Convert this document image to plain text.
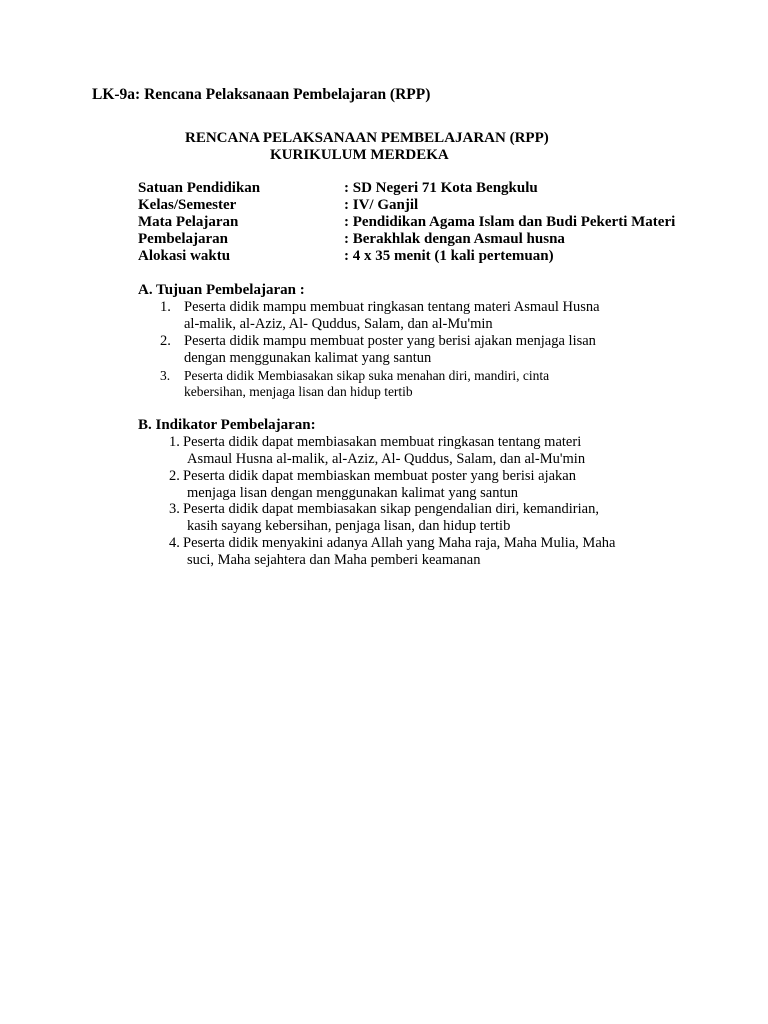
LK-9a: Rencana Pelaksanaan Pembelajaran (RPP)
RENCANA PELAKSANAAN PEMBELAJARAN (RPP)
KURIKULUM MERDEKA
Satuan Pendidikan	: SD Negeri 71 Kota Bengkulu
Kelas/Semester	: IV/ Ganjil
Mata Pelajaran	: Pendidikan Agama Islam dan Budi Pekerti Materi
Pembelajaran	: Berakhlak dengan Asmaul husna
Alokasi waktu	: 4 x 35 menit (1 kali pertemuan)
A. Tujuan Pembelajaran :
1. Peserta didik mampu membuat ringkasan tentang materi Asmaul Husna
al-malik, al-Aziz, Al- Quddus, Salam, dan al-Mu'min
2. Peserta didik mampu membuat poster yang berisi ajakan menjaga lisan
dengan menggunakan kalimat yang santun
3. Peserta didik Membiasakan sikap suka menahan diri, mandiri, cinta
kebersihan, menjaga lisan dan hidup tertib
B. Indikator Pembelajaran:
1. Peserta didik dapat membiasakan membuat ringkasan tentang materi
Asmaul Husna al-malik, al-Aziz, Al- Quddus, Salam, dan al-Mu'min
2. Peserta didik dapat membiaskan membuat poster yang berisi ajakan
menjaga lisan dengan menggunakan kalimat yang santun
3. Peserta didik dapat membiasakan sikap pengendalian diri, kemandirian,
kasih sayang kebersihan, penjaga lisan, dan hidup tertib
4. Peserta didik menyakini adanya Allah yang Maha raja, Maha Mulia, Maha
suci, Maha sejahtera dan Maha pemberi keamanan
